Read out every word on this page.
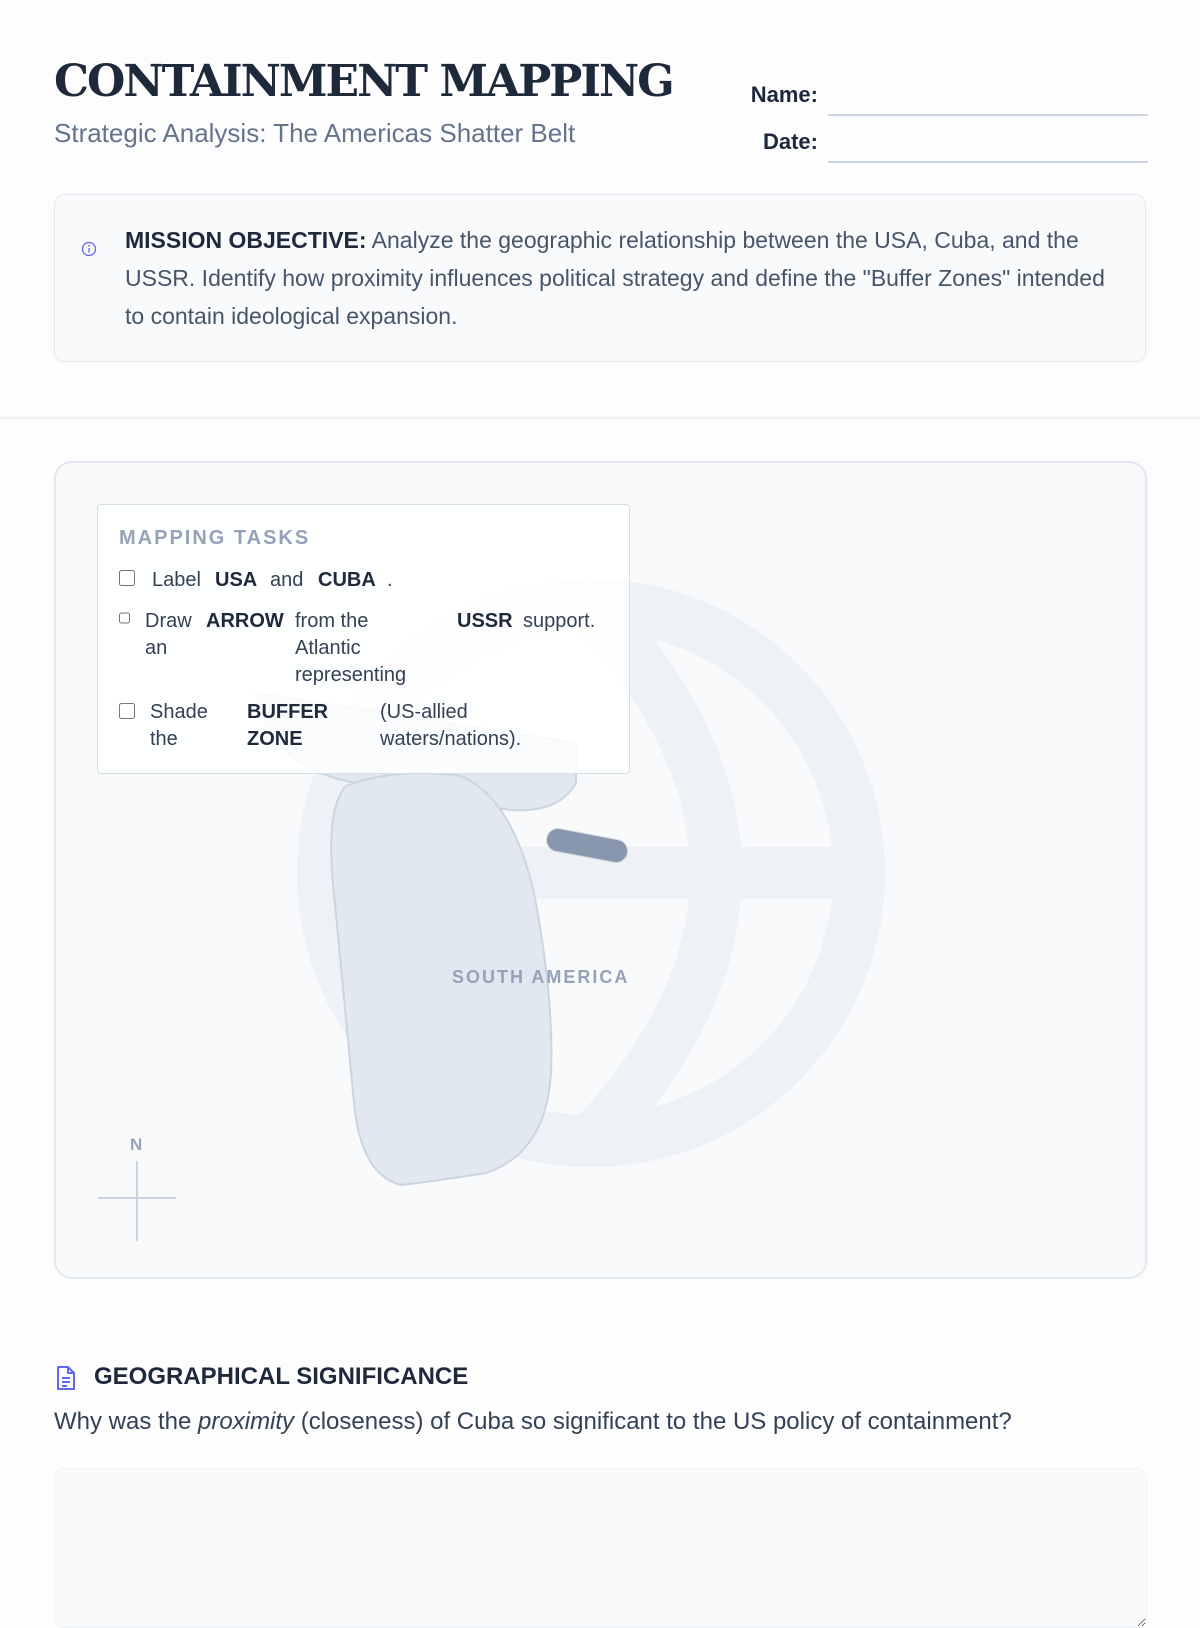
CONTAINMENT MAPPING
Strategic Analysis: The Americas Shatter Belt
Name:
Date:
MISSION OBJECTIVE: Analyze the geographic relationship between the USA, Cuba, and the USSR. Identify how proximity influences political strategy and define the "Buffer Zones" intended to contain ideological expansion.
SOUTH AMERICA
N
MAPPING TASKS
Label USA and CUBA .
Draw
an
ARROW from the
Atlantic
representing
USSR support.
Shade
the
BUFFER
ZONE
(US-allied
waters/nations).
GEOGRAPHICAL SIGNIFICANCE
Why was the proximity (closeness) of Cuba so significant to the US policy of containment?
